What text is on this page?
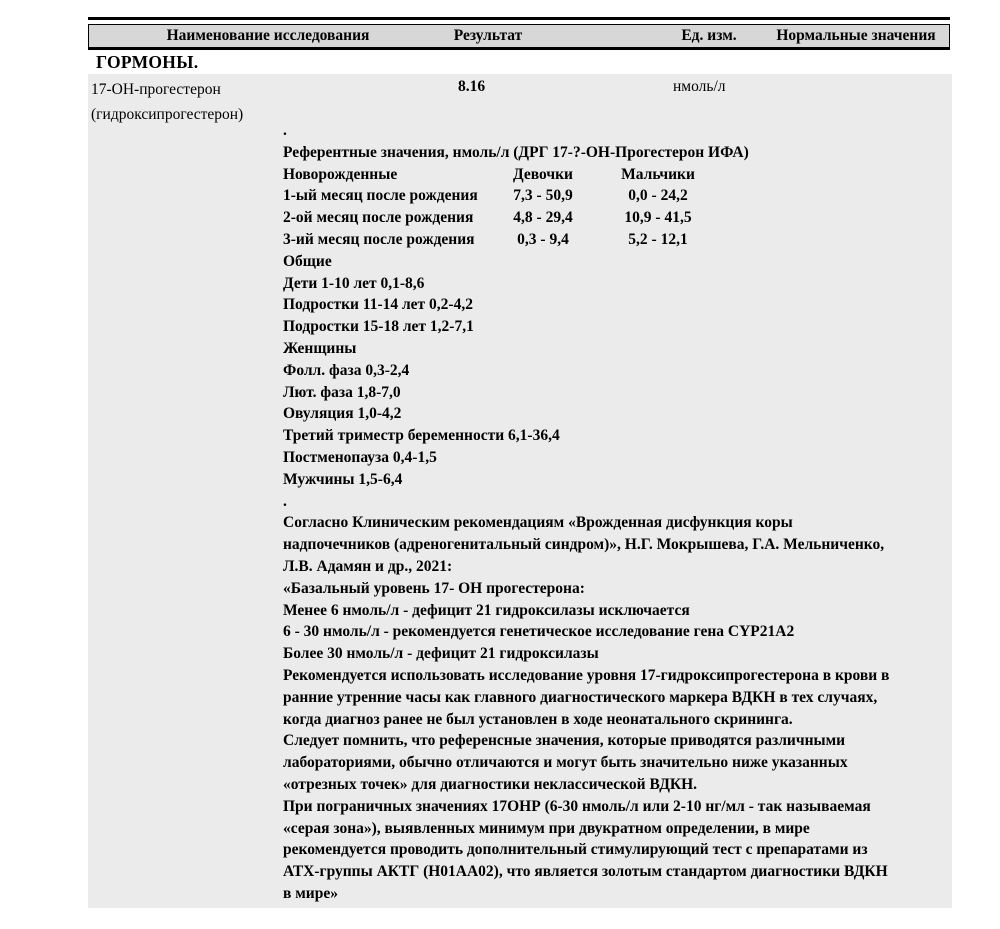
Наименование исследования	Результат	Ед. изм.	Нормальные значения
ГОРМОНЫ.
17-ОН-прогестерон
(гидроксипрогестерон)
8.16	нмоль/л
.
Референтные значения, нмоль/л (ДРГ 17-?-ОН-Прогестерон ИФА)
Новорожденные	Девочки	Мальчики
1-ый месяц после рождения	7,3 - 50,9	0,0 - 24,2
2-ой месяц после рождения	4,8 - 29,4	10,9 - 41,5
3-ий месяц после рождения	0,3 - 9,4	5,2 - 12,1
Общие
Дети 1-10 лет 0,1-8,6
Подростки 11-14 лет 0,2-4,2
Подростки 15-18 лет 1,2-7,1
Женщины
Фолл. фаза 0,3-2,4
Лют. фаза 1,8-7,0
Овуляция 1,0-4,2
Третий триместр беременности 6,1-36,4
Постменопауза 0,4-1,5
Мужчины 1,5-6,4
.
Согласно Клиническим рекомендациям «Врожденная дисфункция коры
надпочечников (адреногенитальный синдром)», Н.Г. Мокрышева, Г.А. Мельниченко,
Л.В. Адамян и др., 2021:
«Базальный уровень 17- ОН прогестерона:
Менее 6 нмоль/л - дефицит 21 гидроксилазы исключается
6 - 30 нмоль/л - рекомендуется генетическое исследование гена CYP21A2
Более 30 нмоль/л - дефицит 21 гидроксилазы
Рекомендуется использовать исследование уровня 17-гидроксипрогестерона в крови в
ранние утренние часы как главного диагностического маркера ВДКН в тех случаях,
когда диагноз ранее не был установлен в ходе неонатального скрининга.
Следует помнить, что референсные значения, которые приводятся различными
лабораториями, обычно отличаются и могут быть значительно ниже указанных
«отрезных точек» для диагностики неклассической ВДКН.
При пограничных значениях 17ОНР (6-30 нмоль/л или 2-10 нг/мл - так называемая
«серая зона»), выявленных минимум при двукратном определении, в мире
рекомендуется проводить дополнительный стимулирующий тест с препаратами из
АТХ-группы АКТГ (Н01АА02), что является золотым стандартом диагностики ВДКН
в мире»
